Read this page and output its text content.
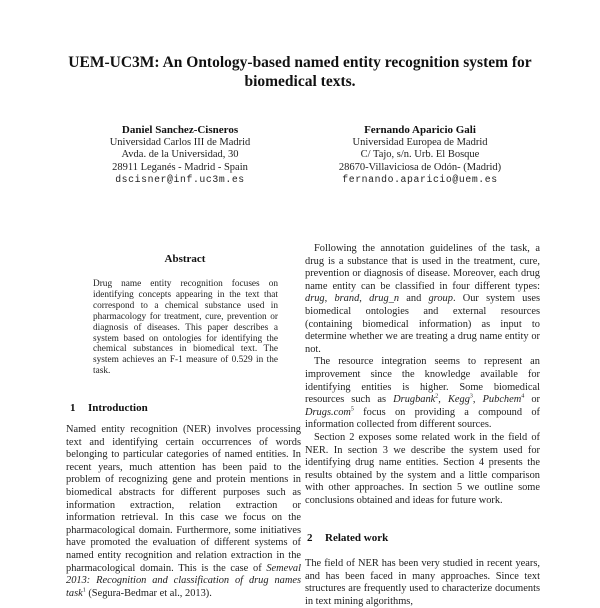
UEM-UC3M: An Ontology-based named entity recognition system for biomedical texts.
Daniel Sanchez-Cisneros
Universidad Carlos III de Madrid
Avda. de la Universidad, 30
28911 Leganés - Madrid - Spain
dscisner@inf.uc3m.es
Fernando Aparicio Gali
Universidad Europea de Madrid
C/ Tajo, s/n. Urb. El Bosque
28670-Villaviciosa de Odón- (Madrid)
fernando.aparicio@uem.es
Abstract
Drug name entity recognition focuses on identifying concepts appearing in the text that correspond to a chemical substance used in pharmacology for treatment, cure, prevention or diagnosis of diseases. This paper describes a system based on ontologies for identifying the chemical substances in biomedical text. The system achieves an F-1 measure of 0.529 in the task.
1 Introduction

Named entity recognition (NER) involves processing text and identifying certain occurrences of words belonging to particular categories of named entities. In recent years, much attention has been paid to the problem of recognizing gene and protein mentions in biomedical abstracts for different purposes such as information extraction, relation extraction or information retrieval. In this case we focus on the pharmacological domain. Furthermore, some initiatives have promoted the evaluation of different systems of named entity recognition and relation extraction in the pharmacological domain. This is the case of Semeval 2013: Recognition and classification of drug names task$^1$ (Segura-Bedmar et al., 2013).

Following the annotation guidelines of the task, a drug is a substance that is used in the treatment, cure, prevention or diagnosis of disease. Moreover, each drug name entity can be classified in four different types: drug, brand, drug_n and group. Our system uses biomedical ontologies and external resources (containing biomedical information) as input to determine whether we are treating a drug name entity or not.

The resource integration seems to represent an improvement since the knowledge available for identifying entities is higher. Some biomedical resources such as Drugbank$^2$, Kegg$^3$, Pubchem$^4$ or Drugs.com$^5$ focus on providing a compound of information collected from different sources.

Section 2 exposes some related work in the field of NER. In section 3 we describe the system used for identifying drug name entities. Section 4 presents the results obtained by the system and a little comparison with other approaches. In section 5 we outline some conclusions obtained and ideas for future work.

2 Related work

The field of NER has been very studied in recent years, and has been faced in many approaches. Since text structures are frequently used to characterize documents in text mining algorithms,
